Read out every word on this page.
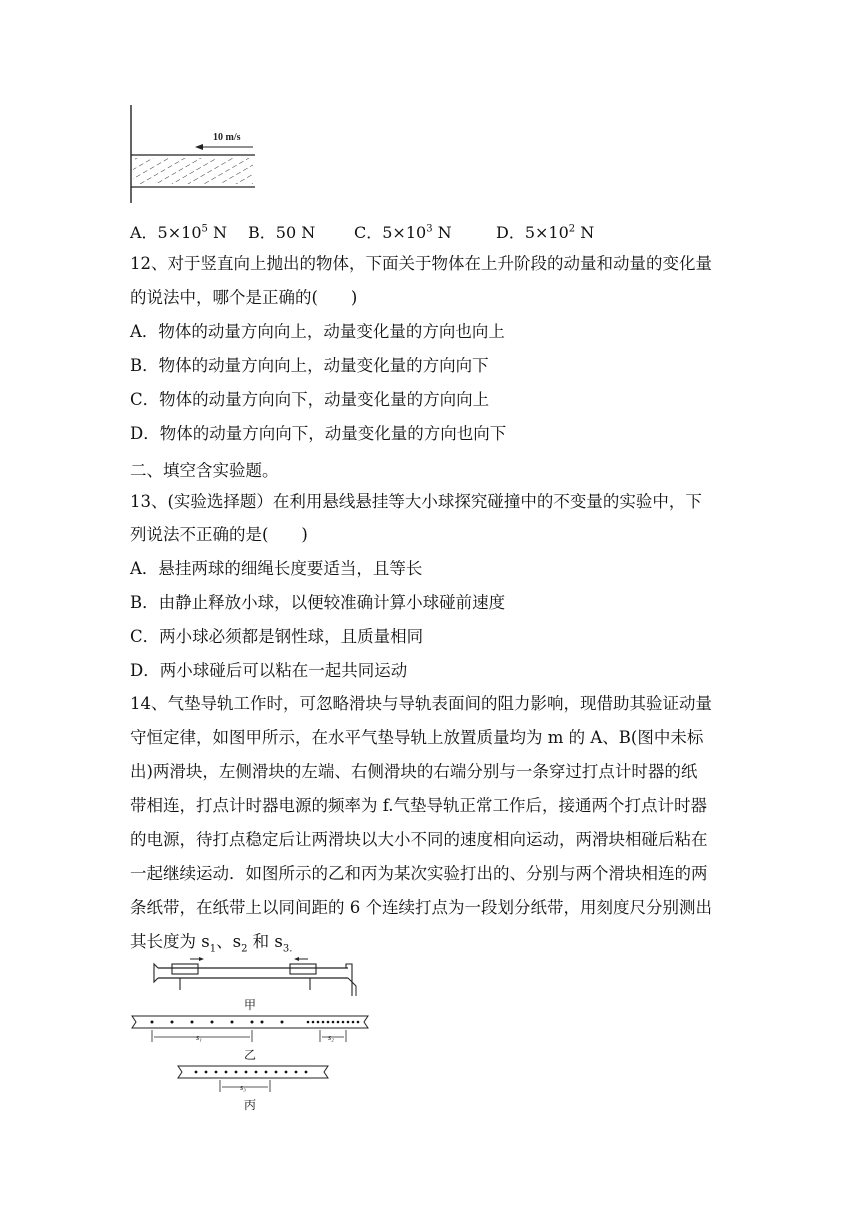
10 m/s
A．$5\times 10^5$ N B．50 N C．$5\times 10^3$ N	D．$5\times 10^2$ N
12、对于竖直向上抛出的物体，下面关于物体在上升阶段的动量和动量的变化量
的说法中，哪个是正确的(　　)
A．物体的动量方向向上，动量变化量的方向也向上
B．物体的动量方向向上，动量变化量的方向向下
C．物体的动量方向向下，动量变化量的方向向上
D．物体的动量方向向下，动量变化量的方向也向下
二、填空含实验题。
13、(实验选择题）在利用悬线悬挂等大小球探究碰撞中的不变量的实验中，下
列说法不正确的是(　　)
A．悬挂两球的细绳长度要适当，且等长
B．由静止释放小球，以便较准确计算小球碰前速度
C．两小球必须都是钢性球，且质量相同
D．两小球碰后可以粘在一起共同运动
14、气垫导轨工作时，可忽略滑块与导轨表面间的阻力影响，现借助其验证动量
守恒定律，如图甲所示，在水平气垫导轨上放置质量均为 m 的 A、B(图中未标
出)两滑块，左侧滑块的左端、右侧滑块的右端分别与一条穿过打点计时器的纸
带相连，打点计时器电源的频率为 f.气垫导轨正常工作后，接通两个打点计时器
的电源，待打点稳定后让两滑块以大小不同的速度相向运动，两滑块相碰后粘在
一起继续运动．如图所示的乙和丙为某次实验打出的、分别与两个滑块相连的两
条纸带，在纸带上以同间距的 6 个连续打点为一段划分纸带，用刻度尺分别测出
其长度为 $s_1$、$s_2$ 和 $s_{3.}$
甲
s₁	s₂
乙
s₃
丙
